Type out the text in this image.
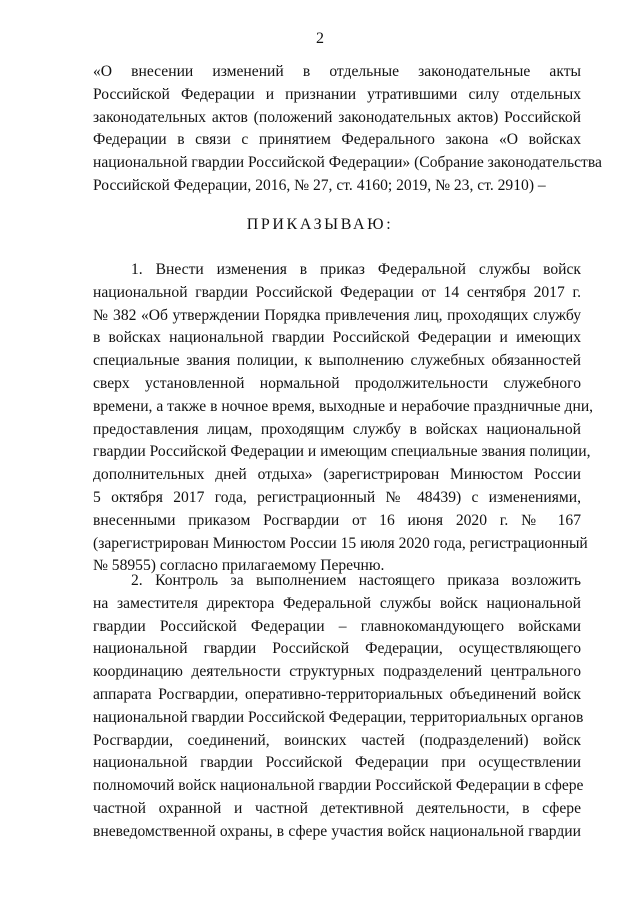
2
«О внесении изменений в отдельные законодательные акты
Российской Федерации и признании утратившими силу отдельных
законодательных актов (положений законодательных актов) Российской
Федерации в связи с принятием Федерального закона «О войсках
национальной гвардии Российской Федерации» (Собрание законодательства
Российской Федерации, 2016, № 27, ст. 4160; 2019, № 23, ст. 2910) –
ПРИКАЗЫВАЮ:
1. Внести изменения в приказ Федеральной службы войск
национальной гвардии Российской Федерации от 14 сентября 2017 г.
№ 382 «Об утверждении Порядка привлечения лиц, проходящих службу
в войсках национальной гвардии Российской Федерации и имеющих
специальные звания полиции, к выполнению служебных обязанностей
сверх установленной нормальной продолжительности служебного
времени, а также в ночное время, выходные и нерабочие праздничные дни,
предоставления лицам, проходящим службу в войсках национальной
гвардии Российской Федерации и имеющим специальные звания полиции,
дополнительных дней отдыха» (зарегистрирован Минюстом России
5 октября 2017 года, регистрационный № 48439) с изменениями,
внесенными приказом Росгвардии от 16 июня 2020 г. № 167
(зарегистрирован Минюстом России 15 июля 2020 года, регистрационный
№ 58955) согласно прилагаемому Перечню.
2. Контроль за выполнением настоящего приказа возложить
на заместителя директора Федеральной службы войск национальной
гвардии Российской Федерации – главнокомандующего войсками
национальной гвардии Российской Федерации, осуществляющего
координацию деятельности структурных подразделений центрального
аппарата Росгвардии, оперативно-территориальных объединений войск
национальной гвардии Российской Федерации, территориальных органов
Росгвардии, соединений, воинских частей (подразделений) войск
национальной гвардии Российской Федерации при осуществлении
полномочий войск национальной гвардии Российской Федерации в сфере
частной охранной и частной детективной деятельности, в сфере
вневедомственной охраны, в сфере участия войск национальной гвардии
